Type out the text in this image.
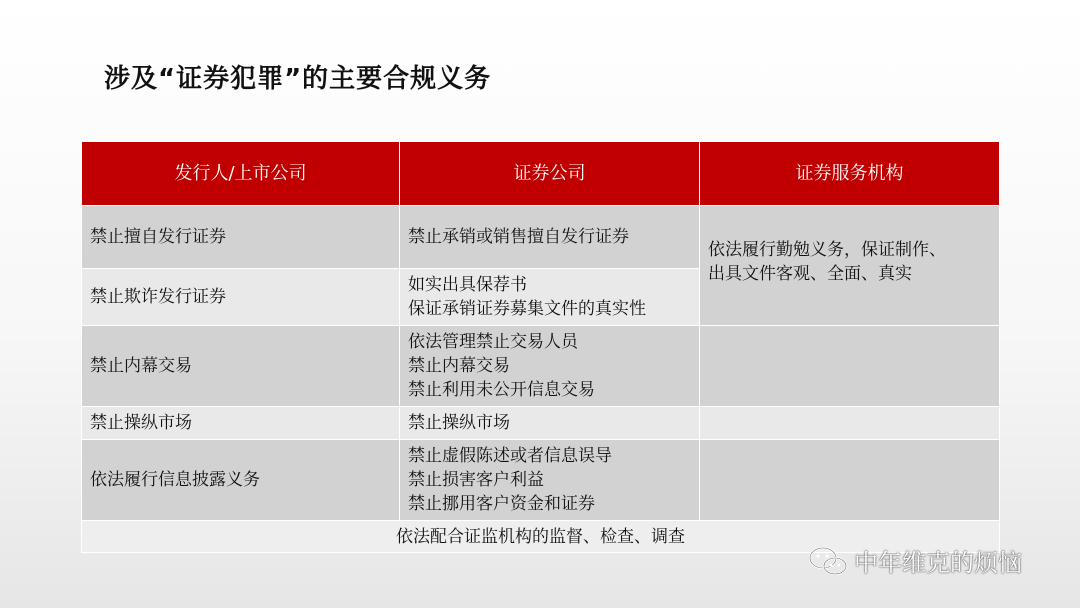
涉及“证券犯罪”的主要合规义务
发行人/上市公司	证券公司	证券服务机构
禁止擅自发行证券	禁止承销或销售擅自发行证券	依法履行勤勉义务，保证制作、
出具文件客观、全面、真实

禁止欺诈发行证券	如实出具保荐书
保证承销证券募集文件的真实性	

禁止内幕交易	依法管理禁止交易人员
禁止内幕交易
禁止利用未公开信息交易	

禁止操纵市场	禁止操纵市场	

依法履行信息披露义务	禁止虚假陈述或者信息误导
禁止损害客户利益
禁止挪用客户资金和证券	

依法配合证监机构的监督、检查、调查		
中年维克的烦恼
